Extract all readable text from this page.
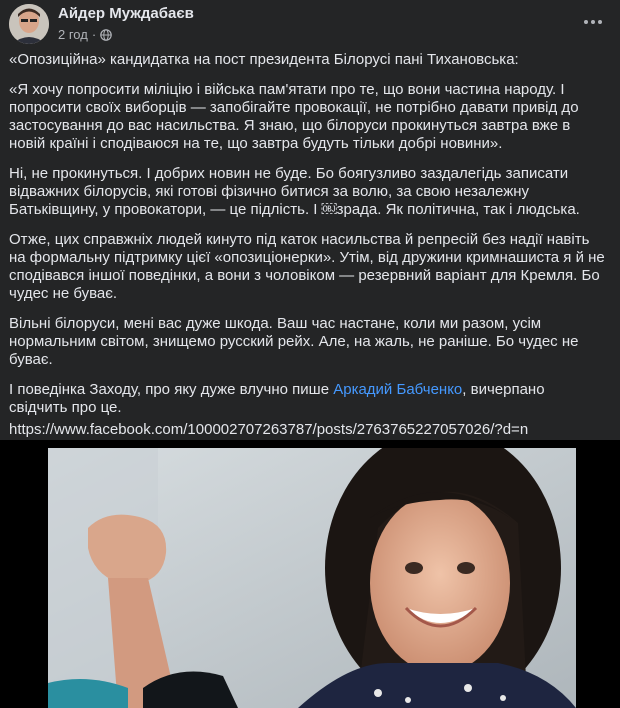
Айдер Муждабаєв
2 год ·

«Опозиційна» кандидатка на пост президента Білорусі пані Тихановська:

«Я хочу попросити міліцію і війська пам'ятати про те, що вони частина народу. І попросити своїх виборців — запобігайте провокації, не потрібно давати привід до застосування до вас насильства. Я знаю, що білоруси прокинуться завтра вже в новій країні і сподіваюся на те, що завтра будуть тільки добрі новини».

Ні, не прокинуться. І добрих новин не буде. Бо боягузливо заздалегідь записати відважних білорусів, які готові фізично битися за волю, за свою незалежну Батьківщину, у провокатори, — це підлість. І ￼зрада. Як політична, так і людська.

Отже, цих справжніх людей кинуто під каток насильства й репресій без надії навіть на формальну підтримку цієї «опозиціонерки». Утім, від дружини кримнашиста я й не сподівався іншої поведінки, а вони з чоловіком — резервний варіант для Кремля. Бо чудес не буває.

Вільні білоруси, мені вас дуже шкода. Ваш час настане, коли ми разом, усім нормальним світом, знищемо русский рейх. Але, на жаль, не раніше. Бо чудес не буває.

І поведінка Заходу, про яку дуже влучно пише Аркадий Бабченко, вичерпано свідчить про це.

https://www.facebook.com/100002707263787/posts/2763765227057026/?d=n
